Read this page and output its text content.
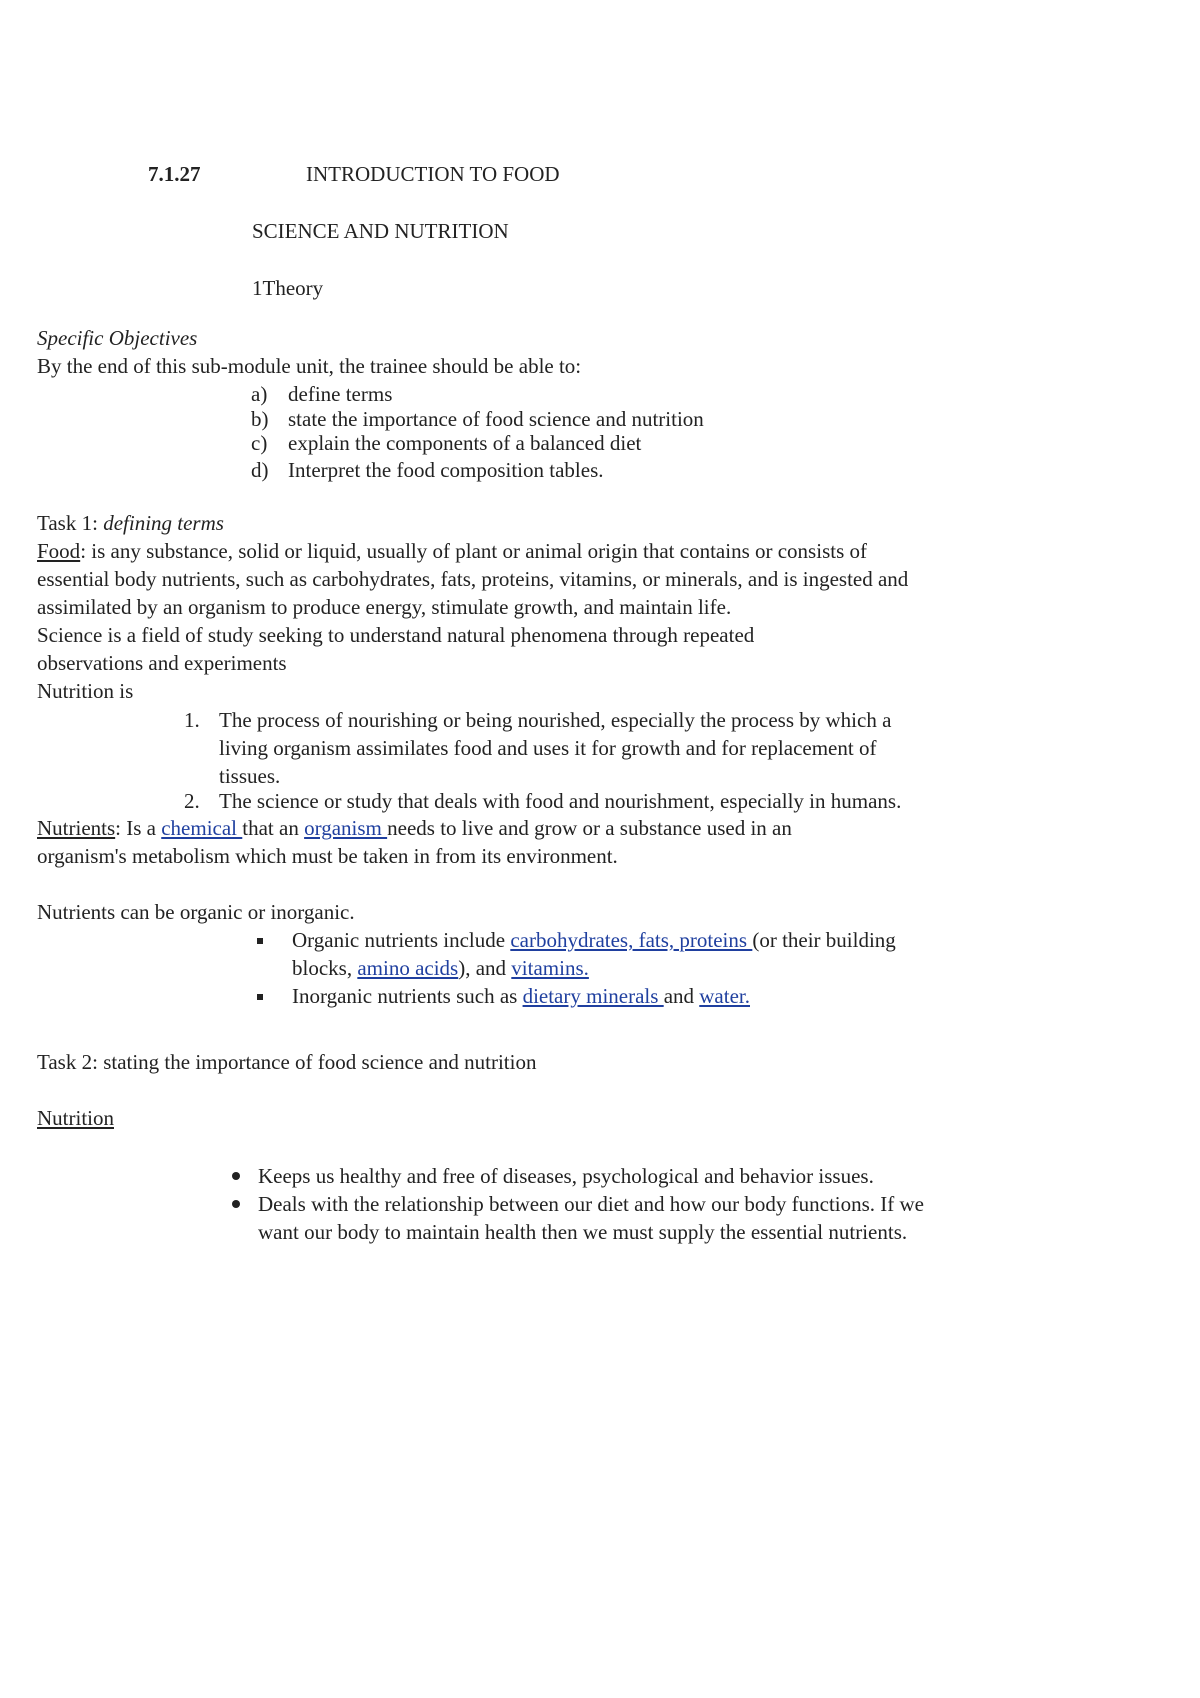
7.1.27	INTRODUCTION TO FOOD
SCIENCE AND NUTRITION
1Theory
Specific Objectives
By the end of this sub-module unit, the trainee should be able to:
a) define terms
b) state the importance of food science and nutrition
c) explain the components of a balanced diet
d) Interpret the food composition tables.
Task 1: defining terms
Food: is any substance, solid or liquid, usually of plant or animal origin that contains or consists of
essential body nutrients, such as carbohydrates, fats, proteins, vitamins, or minerals, and is ingested and
assimilated by an organism to produce energy, stimulate growth, and maintain life.
Science is a field of study seeking to understand natural phenomena through repeated
observations and experiments
Nutrition is
1. The process of nourishing or being nourished, especially the process by which a
living organism assimilates food and uses it for growth and for replacement of
tissues.
2. The science or study that deals with food and nourishment, especially in humans.
Nutrients: Is a chemical that an organism needs to live and grow or a substance used in an
organism's metabolism which must be taken in from its environment.
Nutrients can be organic or inorganic.
Organic nutrients include carbohydrates, fats, proteins (or their building
blocks, amino acids), and vitamins.
Inorganic nutrients such as dietary minerals and water.
Task 2: stating the importance of food science and nutrition
Nutrition
Keeps us healthy and free of diseases, psychological and behavior issues.
Deals with the relationship between our diet and how our body functions. If we
want our body to maintain health then we must supply the essential nutrients.
